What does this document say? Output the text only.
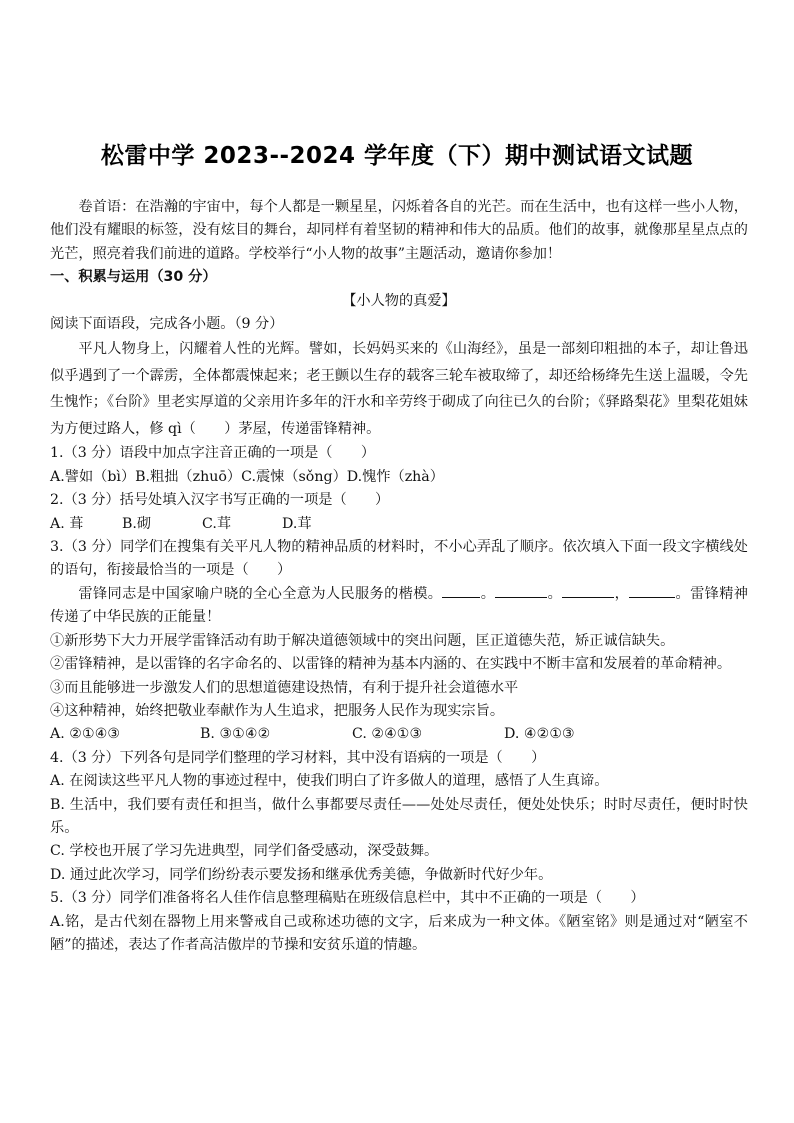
松雷中学 2023--2024 学年度（下）期中测试语文试题

卷首语：在浩瀚的宇宙中，每个人都是一颗星星，闪烁着各自的光芒。而在生活中，也有这样一些小人物，他们没有耀眼的标签，没有炫目的舞台，却同样有着坚韧的精神和伟大的品质。他们的故事，就像那星星点点的光芒，照亮着我们前进的道路。学校举行“小人物的故事”主题活动，邀请你参加！

一、积累与运用（30 分）

【小人物的真爱】

阅读下面语段，完成各小题。（9 分）

平凡人物身上，闪耀着人性的光辉。譬如，长妈妈买来的《山海经》，虽是一部刻印粗拙的本子，却让鲁迅似乎遇到了一个霹雳，全体都震悚起来；老王颤以生存的载客三轮车被取缔了，却还给杨绛先生送上温暖，令先生愧怍；《台阶》里老实厚道的父亲用许多年的汗水和辛劳终于砌成了向往已久的台阶；《驿路梨花》里梨花姐妹为方便过路人，修 qì（　　）茅屋，传递雷锋精神。

1.（3 分）语段中加点字注音正确的一项是（　　）

A.譬如（bì）B.粗拙（zhuō）C.震悚（sǒng）D.愧怍（zhà）

2.（3 分）括号处填入汉字书写正确的一项是（　　）

A. 葺	B.砌	C.茸	D.茸

3.（3 分）同学们在搜集有关平凡人物的精神品质的材料时，不小心弄乱了顺序。依次填入下面一段文字横线处的语句，衔接最恰当的一项是（　　）

雷锋同志是中国家喻户晓的全心全意为人民服务的楷模。	。	。	，	。雷锋精神传递了中华民族的正能量！

①新形势下大力开展学雷锋活动有助于解决道德领域中的突出问题，匡正道德失范，矫正诚信缺失。

②雷锋精神，是以雷锋的名字命名的、以雷锋的精神为基本内涵的、在实践中不断丰富和发展着的革命精神。

③而且能够进一步激发人们的思想道德建设热情，有利于提升社会道德水平

④这种精神，始终把敬业奉献作为人生追求，把服务人民作为现实宗旨。

A. ②①④③	B. ③①④②	C. ②④①③	D. ④②①③

4.（3 分）下列各句是同学们整理的学习材料，其中没有语病的一项是（　　）

A. 在阅读这些平凡人物的事迹过程中，使我们明白了许多做人的道理，感悟了人生真谛。

B. 生活中，我们要有责任和担当，做什么事都要尽责任——处处尽责任，便处处快乐；时时尽责任，便时时快乐。

C. 学校也开展了学习先进典型，同学们备受感动，深受鼓舞。

D. 通过此次学习，同学们纷纷表示要发扬和继承优秀美德，争做新时代好少年。

5.（3 分）同学们准备将名人佳作信息整理稿贴在班级信息栏中，其中不正确的一项是（　　）

A.铭，是古代刻在器物上用来警戒自己或称述功德的文字，后来成为一种文体。《陋室铭》则是通过对“陋室不陋”的描述，表达了作者高洁傲岸的节操和安贫乐道的情趣。
